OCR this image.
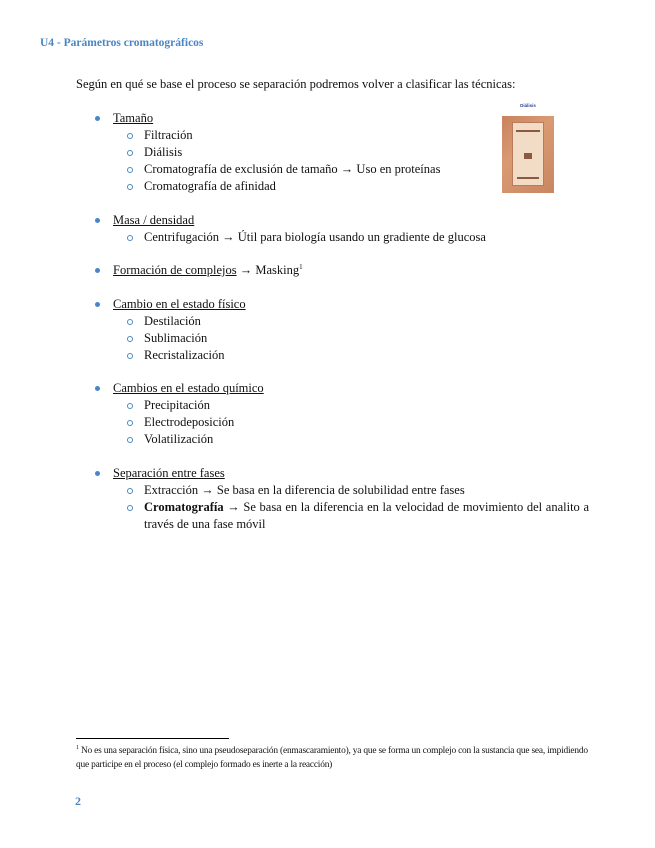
U4 - Parámetros cromatográficos
Según en qué se base el proceso se separación podremos volver a clasificar las técnicas:
Diálisis
Tamaño
Filtración
Diálisis
Cromatografía de exclusión de tamaño → Uso en proteínas
Cromatografía de afinidad
Masa / densidad
Centrifugación → Útil para biología usando un gradiente de glucosa
Formación de complejos → Masking$^1$
Cambio en el estado físico
Destilación
Sublimación
Recristalización
Cambios en el estado químico
Precipitación
Electrodeposición
Volatilización
Separación entre fases
Extracción → Se basa en la diferencia de solubilidad entre fases
Cromatografía → Se basa en la diferencia en la velocidad de movimiento del analito a través de una fase móvil
$^1$ No es una separación física, sino una pseudoseparación (enmascaramiento), ya que se forma un complejo con la sustancia que sea, impidiendo que participe en el proceso (el complejo formado es inerte a la reacción)
2
